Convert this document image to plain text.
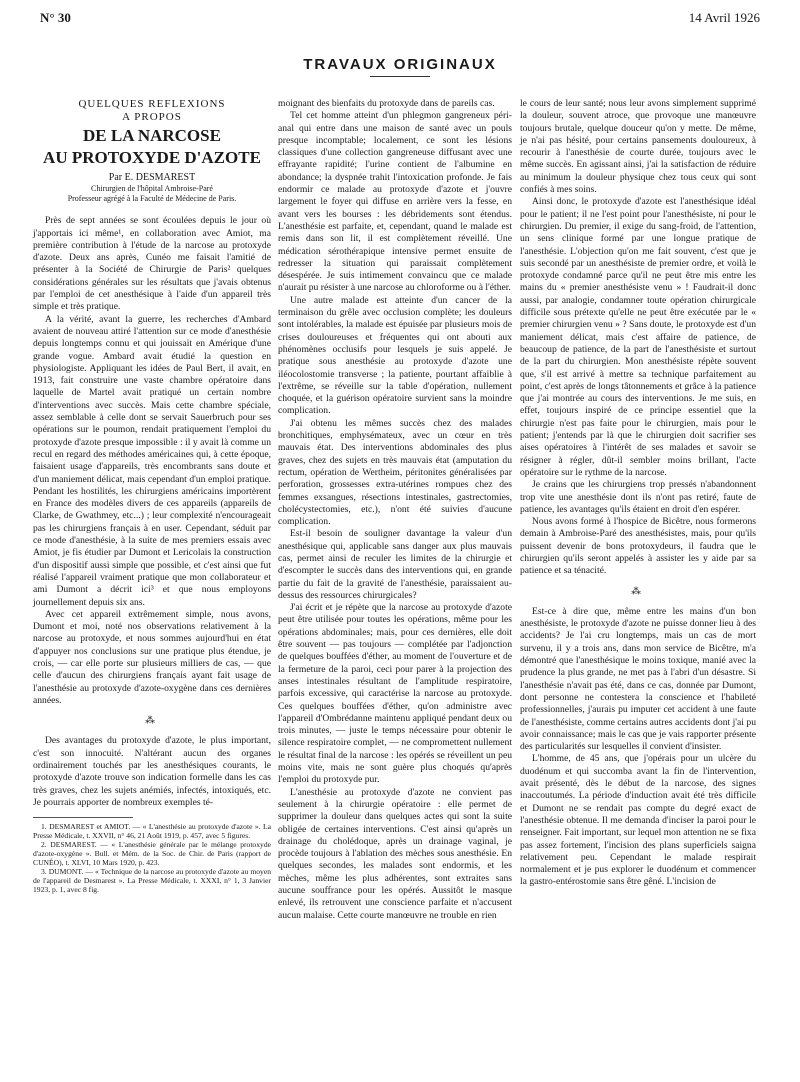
N° 30	14 Avril 1926
TRAVAUX ORIGINAUX

QUELQUES REFLEXIONS

A PROPOS

DE LA NARCOSE

AU PROTOXYDE D'AZOTE

Par E. DESMAREST

Chirurgien de l'hôpital Ambroise-Paré

Professeur agrégé à la Faculté de Médecine de Paris.

Près de sept années se sont écoulées depuis le jour où j'apportais ici même¹, en collaboration avec Amiot, ma première contribution à l'étude de la narcose au protoxyde d'azote. Deux ans après, Cunéo me faisait l'amitié de présenter à la Société de Chirurgie de Paris² quelques considérations générales sur les résultats que j'avais obtenus par l'emploi de cet anesthésique à l'aide d'un appareil très simple et très pratique.

A la vérité, avant la guerre, les recherches d'Ambard avaient de nouveau attiré l'attention sur ce mode d'anesthésie depuis longtemps connu et qui jouissait en Amérique d'une grande vogue. Ambard avait étudié la question en physiologiste. Appliquant les idées de Paul Bert, il avait, en 1913, fait construire une vaste chambre opératoire dans laquelle de Martel avait pratiqué un certain nombre d'interventions avec succès. Mais cette chambre spéciale, assez semblable à celle dont se servait Sauerbruch pour ses opérations sur le poumon, rendait pratiquement l'emploi du protoxyde d'azote presque impossible : il y avait là comme un recul en regard des méthodes américaines qui, à cette époque, faisaient usage d'appareils, très encombrants sans doute et d'un maniement délicat, mais cependant d'un emploi pratique. Pendant les hostilités, les chirurgiens américains importèrent en France des modèles divers de ces appareils (appareils de Clarke, de Gwathmey, etc...) ; leur complexité n'encourageait pas les chirurgiens français à en user. Cependant, séduit par ce mode d'anesthésie, à la suite de mes premiers essais avec Amiot, je fis étudier par Dumont et Lericolais la construction d'un dispositif aussi simple que possible, et c'est ainsi que fut réalisé l'appareil vraiment pratique que mon collaborateur et ami Dumont a décrit ici³ et que nous employons journellement depuis six ans.

Avec cet appareil extrêmement simple, nous avons, Dumont et moi, noté nos observations relativement à la narcose au protoxyde, et nous sommes aujourd'hui en état d'appuyer nos conclusions sur une pratique plus étendue, je crois, — car elle porte sur plusieurs milliers de cas, — que celle d'aucun des chirurgiens français ayant fait usage de l'anesthésie au protoxyde d'azote-oxygène dans ces dernières années.

⁂

Des avantages du protoxyde d'azote, le plus important, c'est son innocuité. N'altérant aucun des organes ordinairement touchés par les anesthésiques courants, le protoxyde d'azote trouve son indication formelle dans les cas très graves, chez les sujets anémiés, infectés, intoxiqués, etc. Je pourrais apporter de nombreux exemples té-

1. DESMAREST et AMIOT. — « L'anesthésie au protoxyde d'azote ». La Presse Médicale, t. XXVII, n° 46, 21 Août 1919, p. 457, avec 5 figures.

2. DESMAREST. — « L'anesthésie générale par le mélange protoxyde d'azote-oxygène ». Bull. et Mém. de la Soc. de Chir. de Paris (rapport de CUNÉO), t. XLVI, 10 Mars 1920, p. 423.

3. DUMONT. — « Technique de la narcose au protoxyde d'azote au moyen de l'appareil de Desmarest ». La Presse Médicale, t. XXXI, n° 1, 3 Janvier 1923, p. 1, avec 8 fig.

moignant des bienfaits du protoxyde dans de pareils cas.

Tel cet homme atteint d'un phlegmon gangreneux péri-anal qui entre dans une maison de santé avec un pouls presque incomptable; localement, ce sont les lésions classiques d'une collection gangreneuse diffusant avec une effrayante rapidité; l'urine contient de l'albumine en abondance; la dyspnée trahit l'intoxication profonde. Je fais endormir ce malade au protoxyde d'azote et j'ouvre largement le foyer qui diffuse en arrière vers la fesse, en avant vers les bourses : les débridements sont étendus. L'anesthésie est parfaite, et, cependant, quand le malade est remis dans son lit, il est complètement réveillé. Une médication sérothérapique intensive permet ensuite de redresser la situation qui paraissait complètement désespérée. Je suis intimement convaincu que ce malade n'aurait pu résister à une narcose au chloroforme ou à l'éther.

Une autre malade est atteinte d'un cancer de la terminaison du grêle avec occlusion complète; les douleurs sont intolérables, la malade est épuisée par plusieurs mois de crises douloureuses et fréquentes qui ont abouti aux phénomènes occlusifs pour lesquels je suis appelé. Je pratique sous anesthésie au protoxyde d'azote une iléocolostomie transverse ; la patiente, pourtant affaiblie à l'extrême, se réveille sur la table d'opération, nullement choquée, et la guérison opératoire survient sans la moindre complication.

J'ai obtenu les mêmes succès chez des malades bronchitiques, emphysémateux, avec un cœur en très mauvais état. Des interventions abdominales des plus graves, chez des sujets en très mauvais état (amputation du rectum, opération de Wertheim, péritonites généralisées par perforation, grossesses extra-utérines rompues chez des femmes exsangues, résections intestinales, gastrectomies, cholécystectomies, etc.), n'ont été suivies d'aucune complication.

Est-il besoin de souligner davantage la valeur d'un anesthésique qui, applicable sans danger aux plus mauvais cas, permet ainsi de reculer les limites de la chirurgie et d'escompter le succès dans des interventions qui, en grande partie du fait de la gravité de l'anesthésie, paraissaient au-dessus des ressources chirurgicales?

J'ai écrit et je répète que la narcose au protoxyde d'azote peut être utilisée pour toutes les opérations, même pour les opérations abdominales; mais, pour ces dernières, elle doit être souvent — pas toujours — complétée par l'adjonction de quelques bouffées d'éther, au moment de l'ouverture et de la fermeture de la paroi, ceci pour parer à la projection des anses intestinales résultant de l'amplitude respiratoire, parfois excessive, qui caractérise la narcose au protoxyde. Ces quelques bouffées d'éther, qu'on administre avec l'appareil d'Ombrédanne maintenu appliqué pendant deux ou trois minutes, — juste le temps nécessaire pour obtenir le silence respiratoire complet, — ne compromettent nullement le résultat final de la narcose : les opérés se réveillent un peu moins vite, mais ne sont guère plus choqués qu'après l'emploi du protoxyde pur.

L'anesthésie au protoxyde d'azote ne convient pas seulement à la chirurgie opératoire : elle permet de supprimer la douleur dans quelques actes qui sont la suite obligée de certaines interventions. C'est ainsi qu'après un drainage du cholédoque, après un drainage vaginal, je procède toujours à l'ablation des mèches sous anesthésie. En quelques secondes, les malades sont endormis, et les mèches, même les plus adhérentes, sont extraites sans aucune souffrance pour les opérés. Aussitôt le masque enlevé, ils retrouvent une conscience parfaite et n'accusent aucun malaise. Cette courte manœuvre ne trouble en rien

le cours de leur santé; nous leur avons simplement supprimé la douleur, souvent atroce, que provoque une manœuvre toujours brutale, quelque douceur qu'on y mette. De même, je n'ai pas hésité, pour certains pansements douloureux, à recourir à l'anesthésie de courte durée, toujours avec le même succès. En agissant ainsi, j'ai la satisfaction de réduire au minimum la douleur physique chez tous ceux qui sont confiés à mes soins.

Ainsi donc, le protoxyde d'azote est l'anesthésique idéal pour le patient; il ne l'est point pour l'anesthésiste, ni pour le chirurgien. Du premier, il exige du sang-froid, de l'attention, un sens clinique formé par une longue pratique de l'anesthésie. L'objection qu'on me fait souvent, c'est que je suis secondé par un anesthésiste de premier ordre, et voilà le protoxyde condamné parce qu'il ne peut être mis entre les mains du « premier anesthésiste venu » ! Faudrait-il donc aussi, par analogie, condamner toute opération chirurgicale difficile sous prétexte qu'elle ne peut être exécutée par le « premier chirurgien venu » ? Sans doute, le protoxyde est d'un maniement délicat, mais c'est affaire de patience, de beaucoup de patience, de la part de l'anesthésiste et surtout de la part du chirurgien. Mon anesthésiste répète souvent que, s'il est arrivé à mettre sa technique parfaitement au point, c'est après de longs tâtonnements et grâce à la patience que j'ai montrée au cours des interventions. Je me suis, en effet, toujours inspiré de ce principe essentiel que la chirurgie n'est pas faite pour le chirurgien, mais pour le patient; j'entends par là que le chirurgien doit sacrifier ses aises opératoires à l'intérêt de ses malades et savoir se résigner à régler, dût-il sembler moins brillant, l'acte opératoire sur le rythme de la narcose.

Je crains que les chirurgiens trop pressés n'abandonnent trop vite une anesthésie dont ils n'ont pas retiré, faute de patience, les avantages qu'ils étaient en droit d'en espérer.

Nous avons formé à l'hospice de Bicêtre, nous formerons demain à Ambroise-Paré des anesthésistes, mais, pour qu'ils puissent devenir de bons protoxydeurs, il faudra que le chirurgien qu'ils seront appelés à assister les y aide par sa patience et sa ténacité.

⁂

Est-ce à dire que, même entre les mains d'un bon anesthésiste, le protoxyde d'azote ne puisse donner lieu à des accidents? Je l'ai cru longtemps, mais un cas de mort survenu, il y a trois ans, dans mon service de Bicêtre, m'a démontré que l'anesthésique le moins toxique, manié avec la prudence la plus grande, ne met pas à l'abri d'un désastre. Si l'anesthésie n'avait pas été, dans ce cas, donnée par Dumont, dont personne ne contestera la conscience et l'habileté professionnelles, j'aurais pu imputer cet accident à une faute de l'anesthésiste, comme certains autres accidents dont j'ai pu avoir connaissance; mais le cas que je vais rapporter présente des particularités sur lesquelles il convient d'insister.

L'homme, de 45 ans, que j'opérais pour un ulcère du duodénum et qui succomba avant la fin de l'intervention, avait présenté, dès le début de la narcose, des signes inaccoutumés. La période d'induction avait été très difficile et Dumont ne se rendait pas compte du degré exact de l'anesthésie obtenue. Il me demanda d'inciser la paroi pour le renseigner. Fait important, sur lequel mon attention ne se fixa pas assez fortement, l'incision des plans superficiels saigna relativement peu. Cependant le malade respirait normalement et je pus explorer le duodénum et commencer la gastro-entérostomie sans être gêné. L'incision de
